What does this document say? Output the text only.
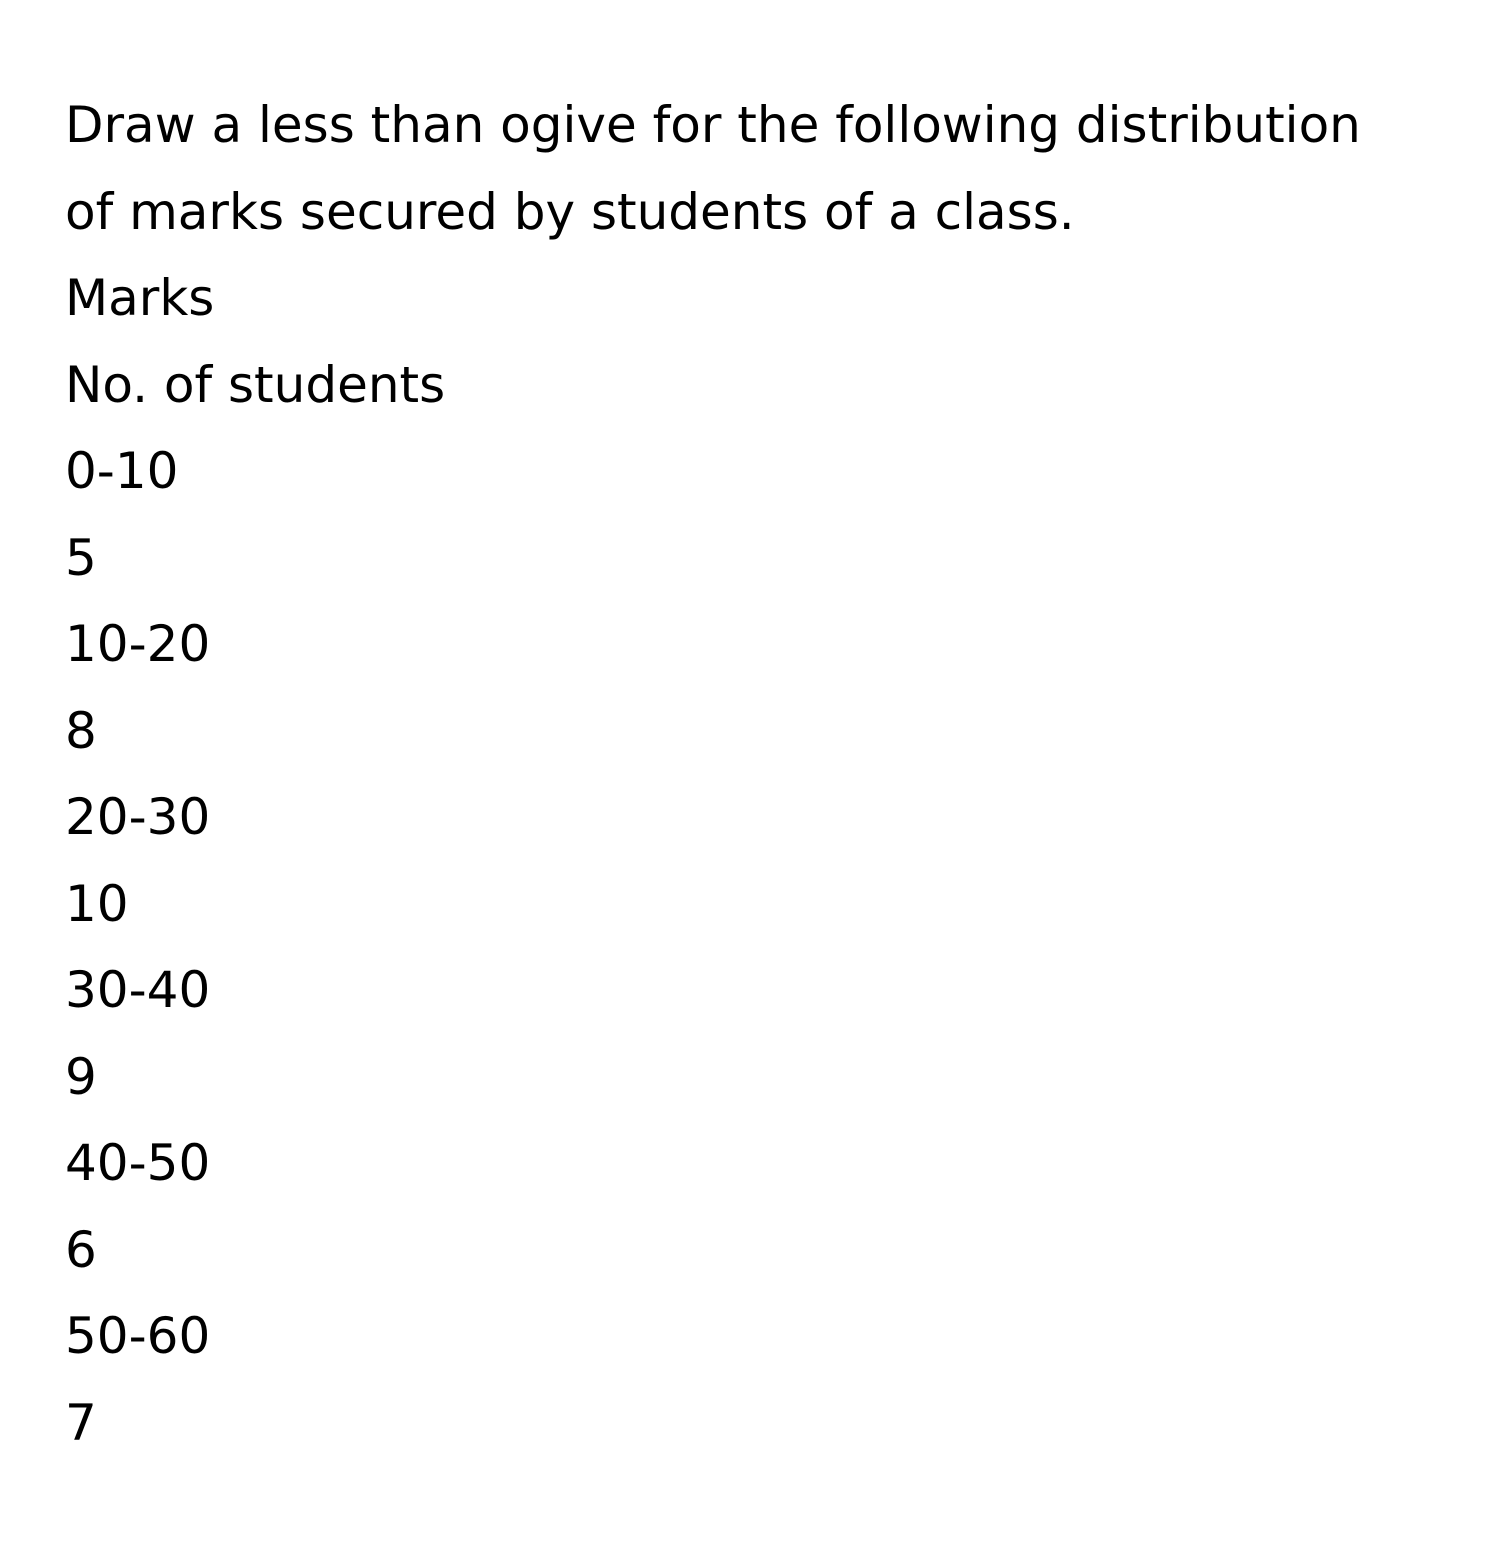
Draw a less than ogive for the following distribution
of marks secured by students of a class.
Marks
No. of students
0-10
5
10-20
8
20-30
10
30-40
9
40-50
6
50-60
7
